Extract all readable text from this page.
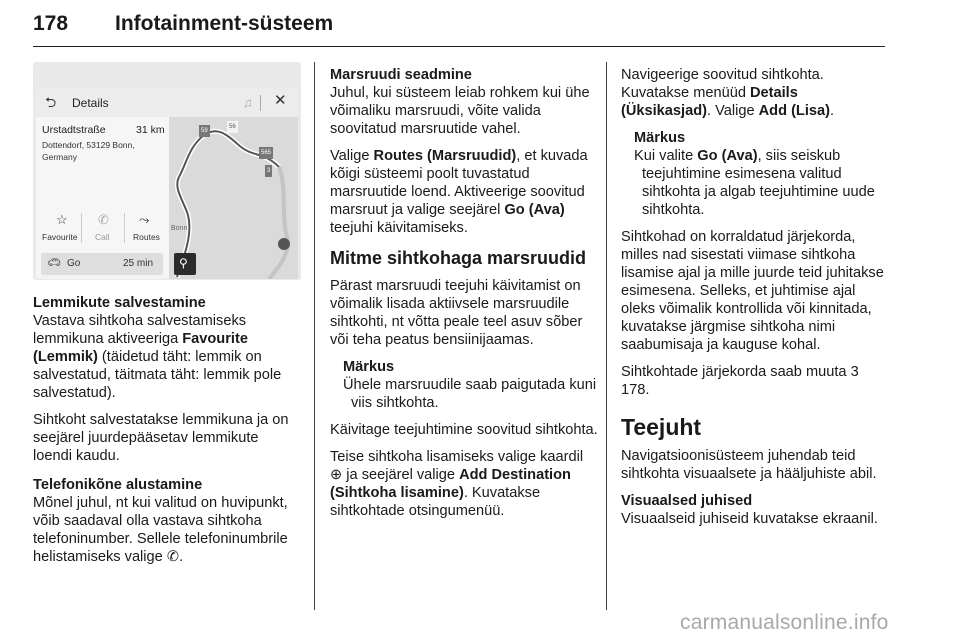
178 Infotainment-süsteem
⮌ Details	♫ ✕
Urstadtstraße	31 km
Dottendorf, 53129 Bonn, Germany
☆
Favourite
✆
Call
⤳
Routes
Bonn
59
56
565
3
🚗︎ Go	25 min ⚲
Lemmikute salvestamine

Vastava sihtkoha salvestamiseks lemmikuna aktiveeriga Favourite (Lemmik) (täidetud täht: lemmik on salvestatud, täitmata täht: lemmik pole salvestatud).

Sihtkoht salvestatakse lemmikuna ja on seejärel juurdepääsetav lemmikute loendi kaudu.

Telefonikõne alustamine

Mõnel juhul, nt kui valitud on huvipunkt, võib saadaval olla vastava sihtkoha telefoninumber. Sellele telefoninumbrile helistamiseks valige ✆.

Marsruudi seadmine

Juhul, kui süsteem leiab rohkem kui ühe võimaliku marsruudi, võite valida soovitatud marsruutide vahel.

Valige Routes (Marsruudid), et kuvada kõigi süsteemi poolt tuvastatud marsruutide loend. Aktiveerige soovitud marsruut ja valige seejärel Go (Ava) teejuhi käivitamiseks.

Mitme sihtkohaga marsruudid

Pärast marsruudi teejuhi käivitamist on võimalik lisada aktiivsele marsruudile sihtkohti, nt võtta peale teel asuv sõber või teha peatus bensiinijaamas.

Märkus
Ühele marsruudile saab paigutada kuni viis sihtkohta.

Käivitage teejuhtimine soovitud sihtkohta.

Teise sihtkoha lisamiseks valige kaardil ⊕ ja seejärel valige Add Destination (Sihtkoha lisamine). Kuvatakse sihtkohtade otsingumenüü.

Navigeerige soovitud sihtkohta. Kuvatakse menüüd Details (Üksikasjad). Valige Add (Lisa).

Märkus
Kui valite Go (Ava), siis seiskub teejuhtimine esimesena valitud sihtkohta ja algab teejuhtimine uude sihtkohta.

Sihtkohad on korraldatud järjekorda, milles nad sisestati viimase sihtkoha lisamise ajal ja mille juurde teid juhitakse esimesena. Selleks, et juhtimise ajal oleks võimalik kontrollida või kinnitada, kuvatakse järgmise sihtkoha nimi saabumisaja ja kauguse kohal.

Sihtkohtade järjekorda saab muuta 3 178.

Teejuht

Navigatsioonisüsteem juhendab teid sihtkohta visuaalsete ja hääljuhiste abil.

Visuaalsed juhised

Visuaalseid juhiseid kuvatakse ekraanil.

carmanualsonline.info
